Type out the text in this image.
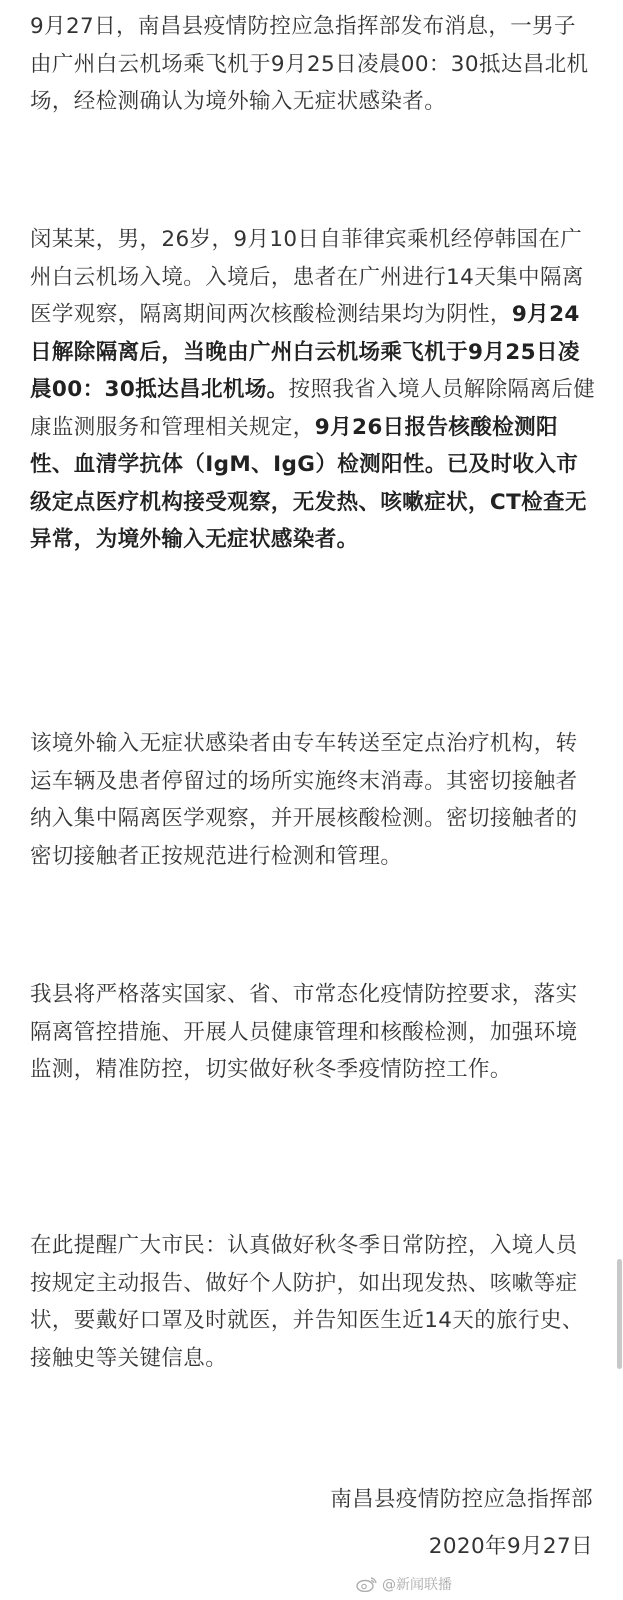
9月27日，南昌县疫情防控应急指挥部发布消息，一男子由广州白云机场乘飞机于9月25日凌晨00：30抵达昌北机场，经检测确认为境外输入无症状感染者。

闵某某，男，26岁，9月10日自菲律宾乘机经停韩国在广州白云机场入境。入境后，患者在广州进行14天集中隔离医学观察，隔离期间两次核酸检测结果均为阴性，9月24日解除隔离后，当晚由广州白云机场乘飞机于9月25日凌晨00：30抵达昌北机场。按照我省入境人员解除隔离后健康监测服务和管理相关规定，9月26日报告核酸检测阳性、血清学抗体（IgM、IgG）检测阳性。已及时收入市级定点医疗机构接受观察，无发热、咳嗽症状，CT检查无异常，为境外输入无症状感染者。

该境外输入无症状感染者由专车转送至定点治疗机构，转运车辆及患者停留过的场所实施终末消毒。其密切接触者纳入集中隔离医学观察，并开展核酸检测。密切接触者的密切接触者正按规范进行检测和管理。

我县将严格落实国家、省、市常态化疫情防控要求，落实隔离管控措施、开展人员健康管理和核酸检测，加强环境监测，精准防控，切实做好秋冬季疫情防控工作。

在此提醒广大市民：认真做好秋冬季日常防控，入境人员按规定主动报告、做好个人防护，如出现发热、咳嗽等症状，要戴好口罩及时就医，并告知医生近14天的旅行史、接触史等关键信息。

南昌县疫情防控应急指挥部
2020年9月27日
@新闻联播
